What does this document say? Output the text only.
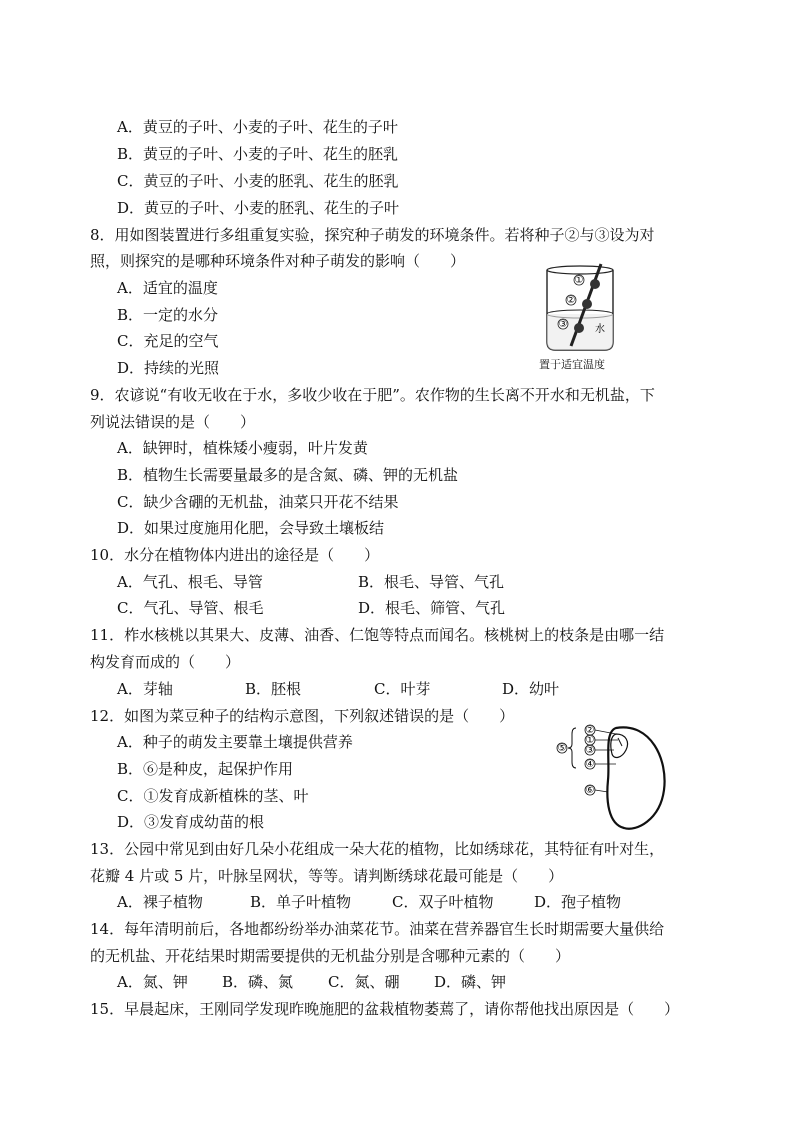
A．黄豆的子叶、小麦的子叶、花生的子叶
B．黄豆的子叶、小麦的子叶、花生的胚乳
C．黄豆的子叶、小麦的胚乳、花生的胚乳
D．黄豆的子叶、小麦的胚乳、花生的子叶
8．用如图装置进行多组重复实验，探究种子萌发的环境条件。若将种子②与③设为对
照，则探究的是哪种环境条件对种子萌发的影响（　　）
A．适宜的温度
B．一定的水分
C．充足的空气
D．持续的光照
①
②
③	水
置于适宜温度
9．农谚说“有收无收在于水，多收少收在于肥”。农作物的生长离不开水和无机盐，下
列说法错误的是（　　）
A．缺钾时，植株矮小瘦弱，叶片发黄
B．植物生长需要量最多的是含氮、磷、钾的无机盐
C．缺少含硼的无机盐，油菜只开花不结果
D．如果过度施用化肥，会导致土壤板结
10．水分在植物体内进出的途径是（　　）
A．气孔、根毛、导管	B．根毛、导管、气孔
C．气孔、导管、根毛	D．根毛、筛管、气孔
11．柞水核桃以其果大、皮薄、油香、仁饱等特点而闻名。核桃树上的枝条是由哪一结
构发育而成的（　　）
A．芽轴	B．胚根	C．叶芽	D．幼叶
12．如图为菜豆种子的结构示意图，下列叙述错误的是（　　）
A．种子的萌发主要靠土壤提供营养
B．⑥是种皮，起保护作用
C．①发育成新植株的茎、叶
D．③发育成幼苗的根
②
①
③
④
⑤
⑥
13．公园中常见到由好几朵小花组成一朵大花的植物，比如绣球花，其特征有叶对生，
花瓣 4 片或 5 片，叶脉呈网状，等等。请判断绣球花最可能是（　　）
A．裸子植物	B．单子叶植物	C．双子叶植物	D．孢子植物
14．每年清明前后，各地都纷纷举办油菜花节。油菜在营养器官生长时期需要大量供给
的无机盐、开花结果时期需要提供的无机盐分别是含哪种元素的（　　）
A．氮、钾 B．磷、氮 C．氮、硼 D．磷、钾
15．早晨起床，王刚同学发现昨晚施肥的盆栽植物萎蔫了，请你帮他找出原因是（　　）
